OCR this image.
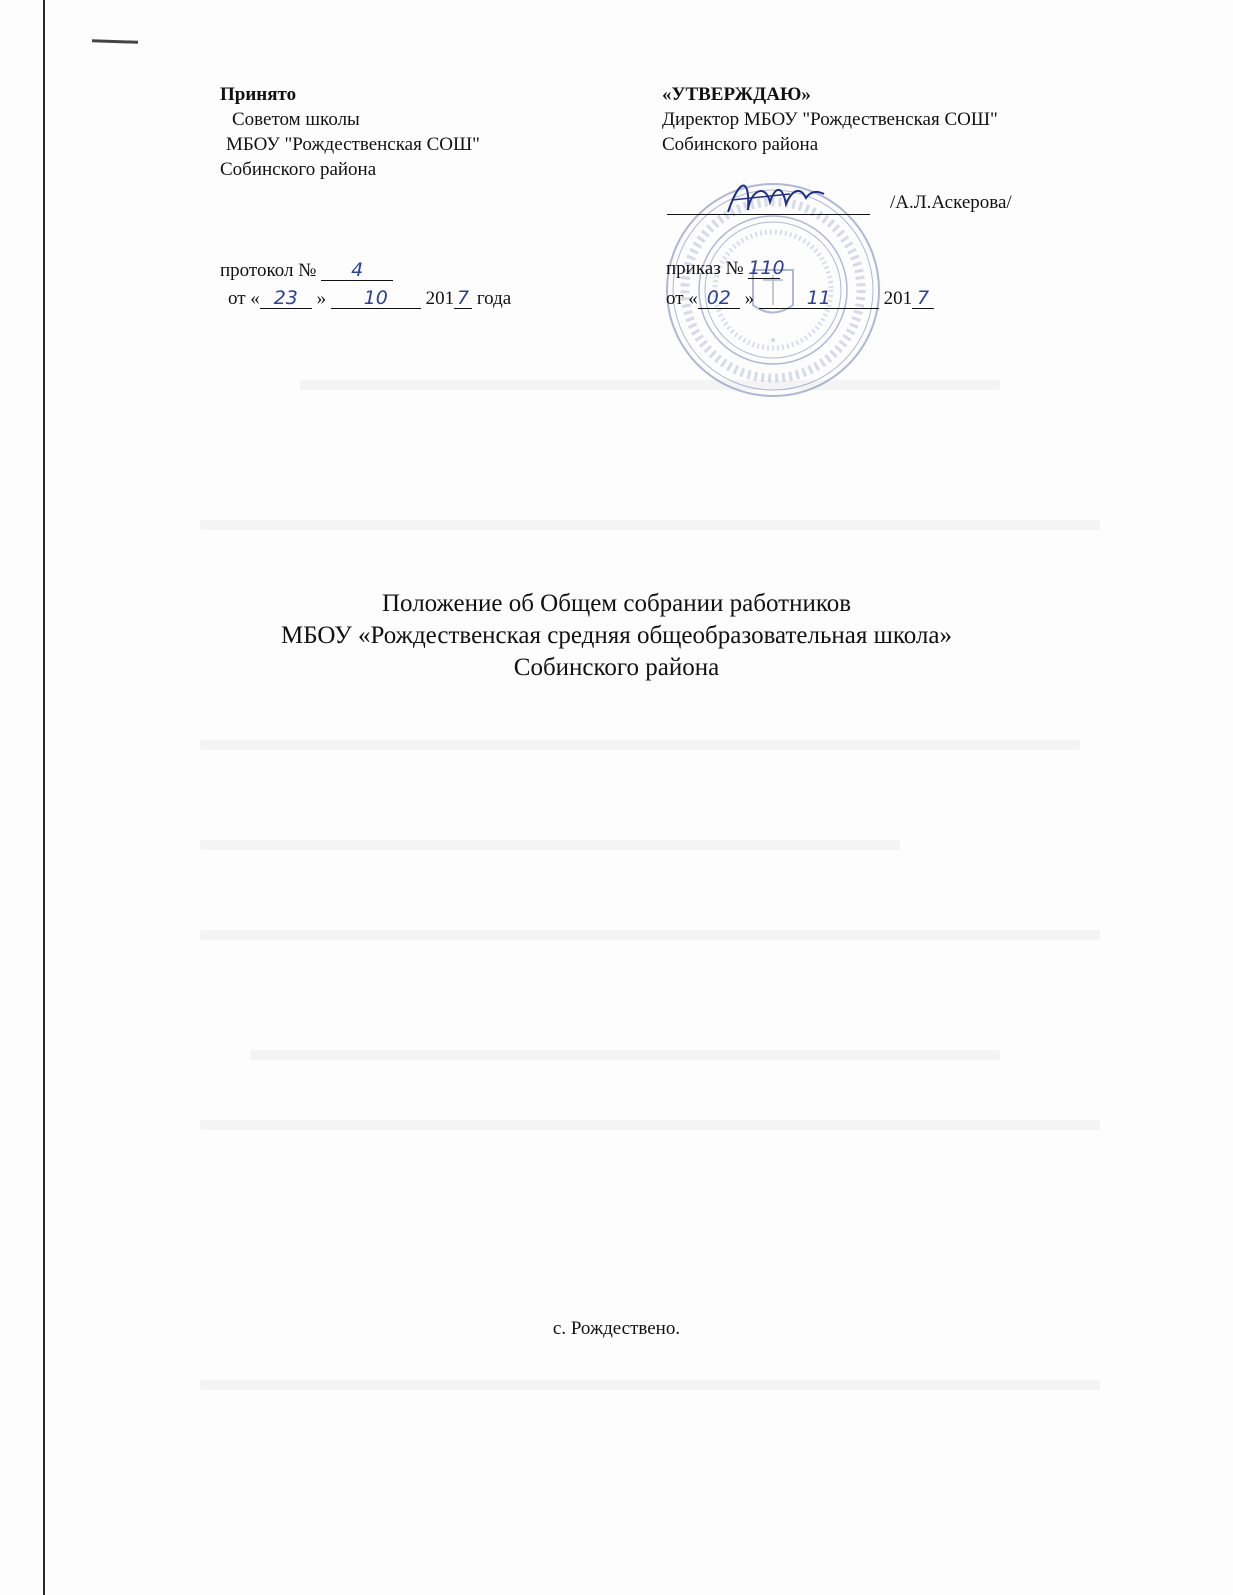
Принято
Советом школы
МБОУ "Рождественская СОШ"
Собинского района
протокол № 4
от « 23 » 10 201 7 года
«УТВЕРЖДАЮ»
Директор МБОУ "Рождественская СОШ"
Собинского района
*
/А.Л.Аскерова/
приказ № 110
от « 02 »	11	201 7
Положение об Общем собрании работников
МБОУ «Рождественская средняя общеобразовательная школа»
Собинского района
с. Рождествено.
